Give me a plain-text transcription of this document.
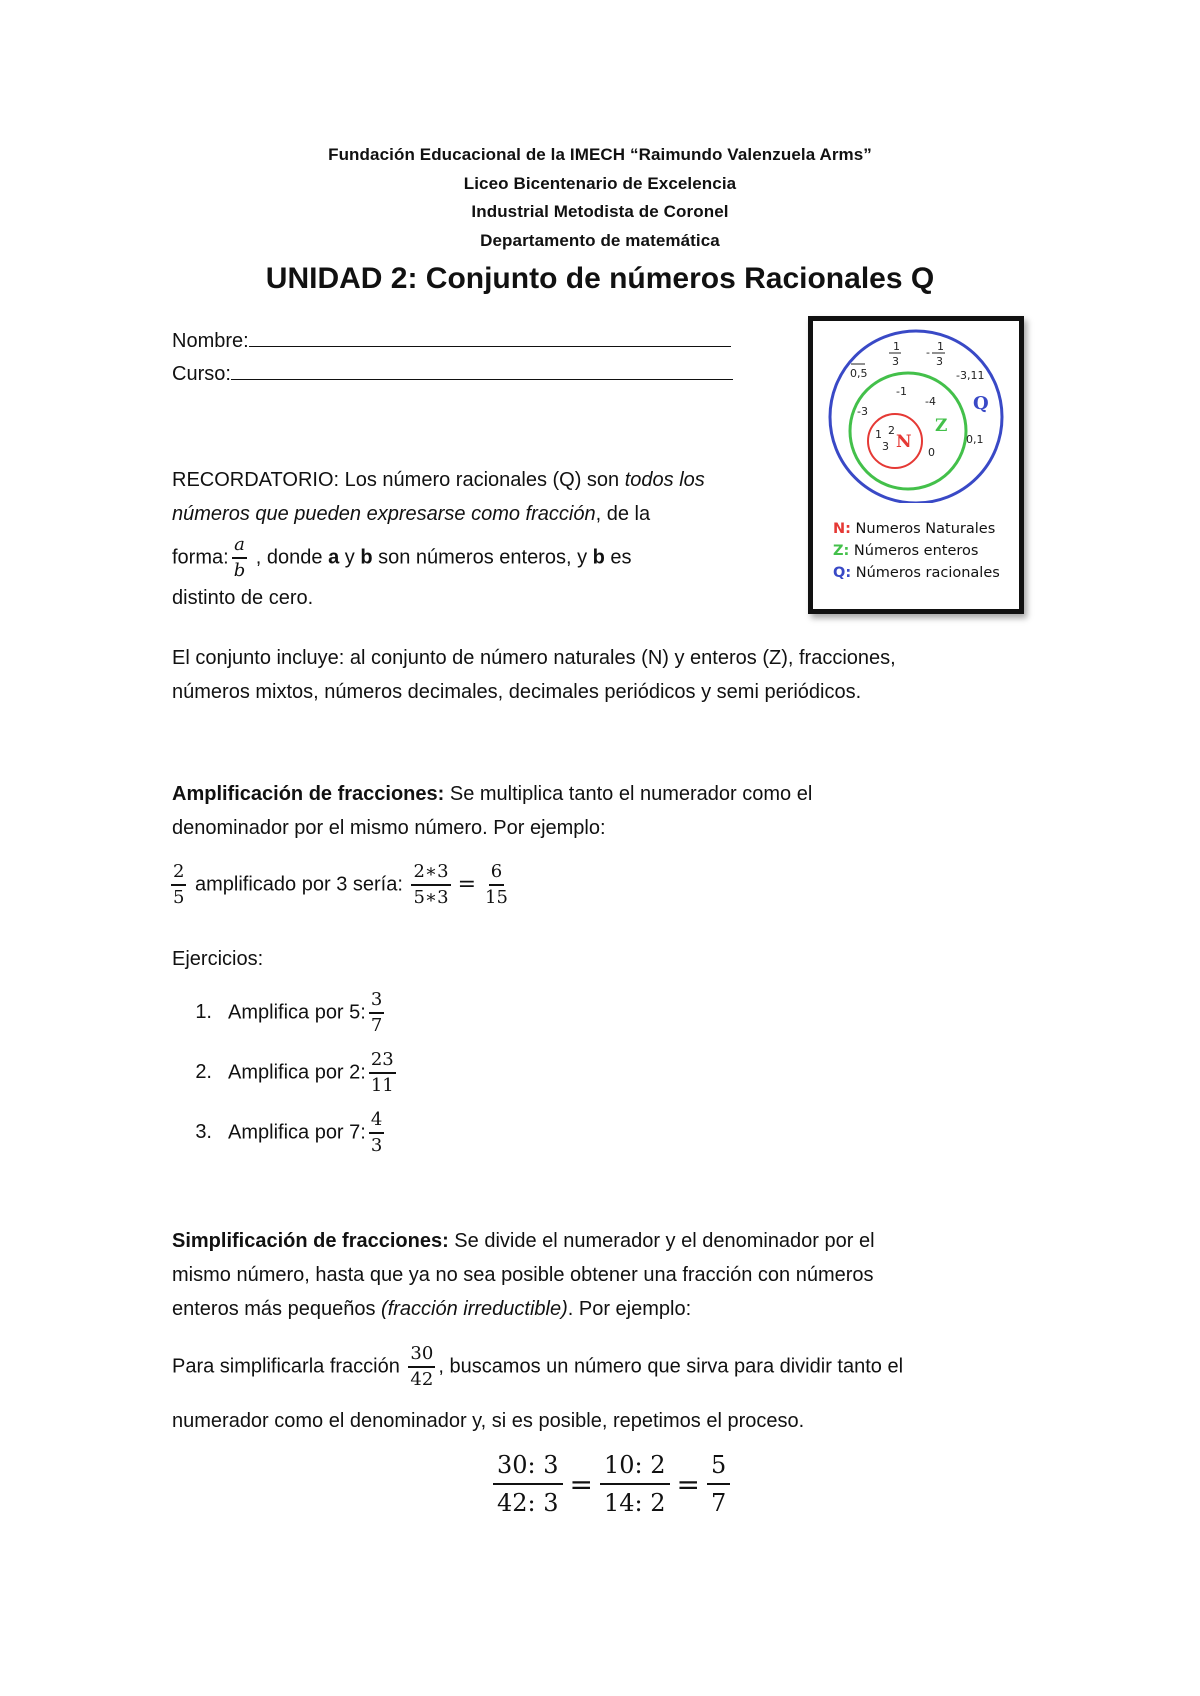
Fundación Educacional de la IMECH “Raimundo Valenzuela Arms”
Liceo Bicentenario de Excelencia
Industrial Metodista de Coronel
Departamento de matemática
UNIDAD 2: Conjunto de números Racionales Q
Nombre:
Curso:	0,5
1
3
- 1
3
-3,11
0,1
-1
-4
-3
0
1 2
3 N
Z
Q
N: Numeros Naturales
Z: Números enteros
Q: Números racionales
RECORDATORIO: Los número racionales (Q) son todos los
números que pueden expresarse como fracción, de la
forma: $\frac{a}{b}$ , donde a y b son números enteros, y b es
distinto de cero.
El conjunto incluye: al conjunto de número naturales (N) y enteros (Z), fracciones,
números mixtos, números decimales, decimales periódicos y semi periódicos.
Amplificación de fracciones: Se multiplica tanto el numerador como el
denominador por el mismo número. Por ejemplo:
$\frac{2}{5}$ amplificado por 3 sería: $\frac{2∗3}{5∗3} = \frac{6}{15}$
Ejercicios:
1. Amplifica por 5: $\frac{3}{7}$
2. Amplifica por 2: $\frac{23}{11}$
3. Amplifica por 7: $\frac{4}{3}$
Simplificación de fracciones: Se divide el numerador y el denominador por el
mismo número, hasta que ya no sea posible obtener una fracción con números
enteros más pequeños (fracción irreductible). Por ejemplo:
Para simplificarla fracción $\frac{30}{42}$ , buscamos un número que sirva para dividir tanto el
numerador como el denominador y, si es posible, repetimos el proceso.
$\frac{30: 3}{42: 3} = \frac{10: 2}{14: 2} = \frac{5}{7}$
